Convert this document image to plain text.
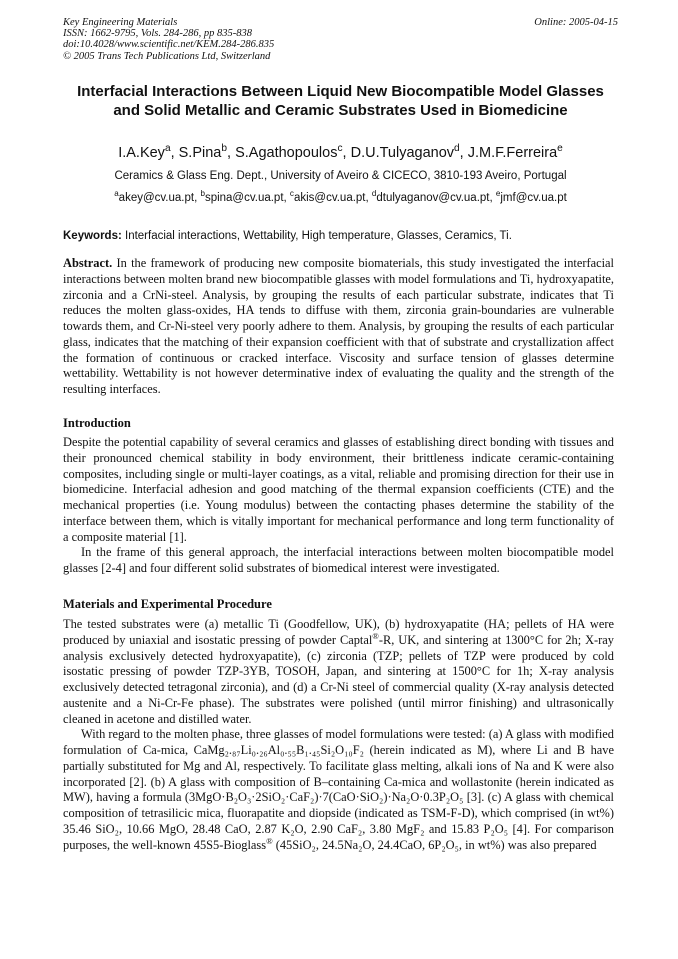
Key Engineering Materials
ISSN: 1662-9795, Vols. 284-286, pp 835-838
doi:10.4028/www.scientific.net/KEM.284-286.835
© 2005 Trans Tech Publications Ltd, Switzerland
Online: 2005-04-15
Interfacial Interactions Between Liquid New Biocompatible Model Glasses and Solid Metallic and Ceramic Substrates Used in Biomedicine
I.A.Key$^a$, S.Pina$^b$, S.Agathopoulos$^c$, D.U.Tulyaganov$^d$, J.M.F.Ferreira$^e$
Ceramics & Glass Eng. Dept., University of Aveiro & CICECO, 3810-193 Aveiro, Portugal
$^a$akey@cv.ua.pt, $^b$spina@cv.ua.pt, $^c$akis@cv.ua.pt, $^d$dtulyaganov@cv.ua.pt, $^e$jmf@cv.ua.pt
Keywords: Interfacial interactions, Wettability, High temperature, Glasses, Ceramics, Ti.

Abstract. In the framework of producing new composite biomaterials, this study investigated the interfacial interactions between molten brand new biocompatible glasses with model formulations and Ti, hydroxyapatite, zirconia and a CrNi-steel. Analysis, by grouping the results of each particular substrate, indicates that Ti reduces the molten glass-oxides, HA tends to diffuse with them, zirconia grain-boundaries are vulnerable towards them, and Cr-Ni-steel very poorly adhere to them. Analysis, by grouping the results of each particular glass, indicates that the matching of their expansion coefficient with that of substrate and crystallization affect the formation of continuous or cracked interface. Viscosity and surface tension of glasses determine wettability. Wettability is not however determinative index of evaluating the quality and the strength of the resulting interfaces.

Introduction

Despite the potential capability of several ceramics and glasses of establishing direct bonding with tissues and their pronounced chemical stability in body environment, their brittleness indicate ceramic-containing composites, including single or multi-layer coatings, as a vital, reliable and promising direction for their use in biomedicine. Interfacial adhesion and good matching of the thermal expansion coefficients (CTE) and the mechanical properties (i.e. Young modulus) between the contacting phases determine the stability of the interface between them, which is vitally important for mechanical performance and long term functionality of a composite material [1].

In the frame of this general approach, the interfacial interactions between molten biocompatible model glasses [2-4] and four different solid substrates of biomedical interest were investigated.

Materials and Experimental Procedure

The tested substrates were (a) metallic Ti (Goodfellow, UK), (b) hydroxyapatite (HA; pellets of HA were produced by uniaxial and isostatic pressing of powder Captal®-R, UK, and sintering at 1300°C for 2h; X-ray analysis exclusively detected hydroxyapatite), (c) zirconia (TZP; pellets of TZP were produced by cold isostatic pressing of powder TZP-3YB, TOSOH, Japan, and sintering at 1500°C for 1h; X-ray analysis exclusively detected tetragonal zirconia), and (d) a Cr-Ni steel of commercial quality (X-ray analysis detected austenite and a Ni-Cr-Fe phase). The substrates were polished (until mirror finishing) and ultrasonically cleaned in acetone and distilled water.

With regard to the molten phase, three glasses of model formulations were tested: (a) A glass with modified formulation of Ca-mica, CaMg₂.₈₇Li₀.₂₆Al₀.₅₅B₁.₄₅Si₂O₁₀F₂ (herein indicated as M), where Li and B have partially substituted for Mg and Al, respectively. To facilitate glass melting, alkali ions of Na and K were also incorporated [2]. (b) A glass with composition of B–containing Ca-mica and wollastonite (herein indicated as MW), having a formula (3MgO·B₂O₃·2SiO₂·CaF₂)·7(CaO·SiO₂)·Na₂O·0.3P₂O₅ [3]. (c) A glass with chemical composition of tetrasilicic mica, fluorapatite and diopside (indicated as TSM-F-D), which comprised (in wt%) 35.46 SiO₂, 10.66 MgO, 28.48 CaO, 2.87 K₂O, 2.90 CaF₂, 3.80 MgF₂ and 15.83 P₂O₅ [4]. For comparison purposes, the well-known 45S5-Bioglass® (45SiO₂, 24.5Na₂O, 24.4CaO, 6P₂O₅, in wt%) was also prepared
